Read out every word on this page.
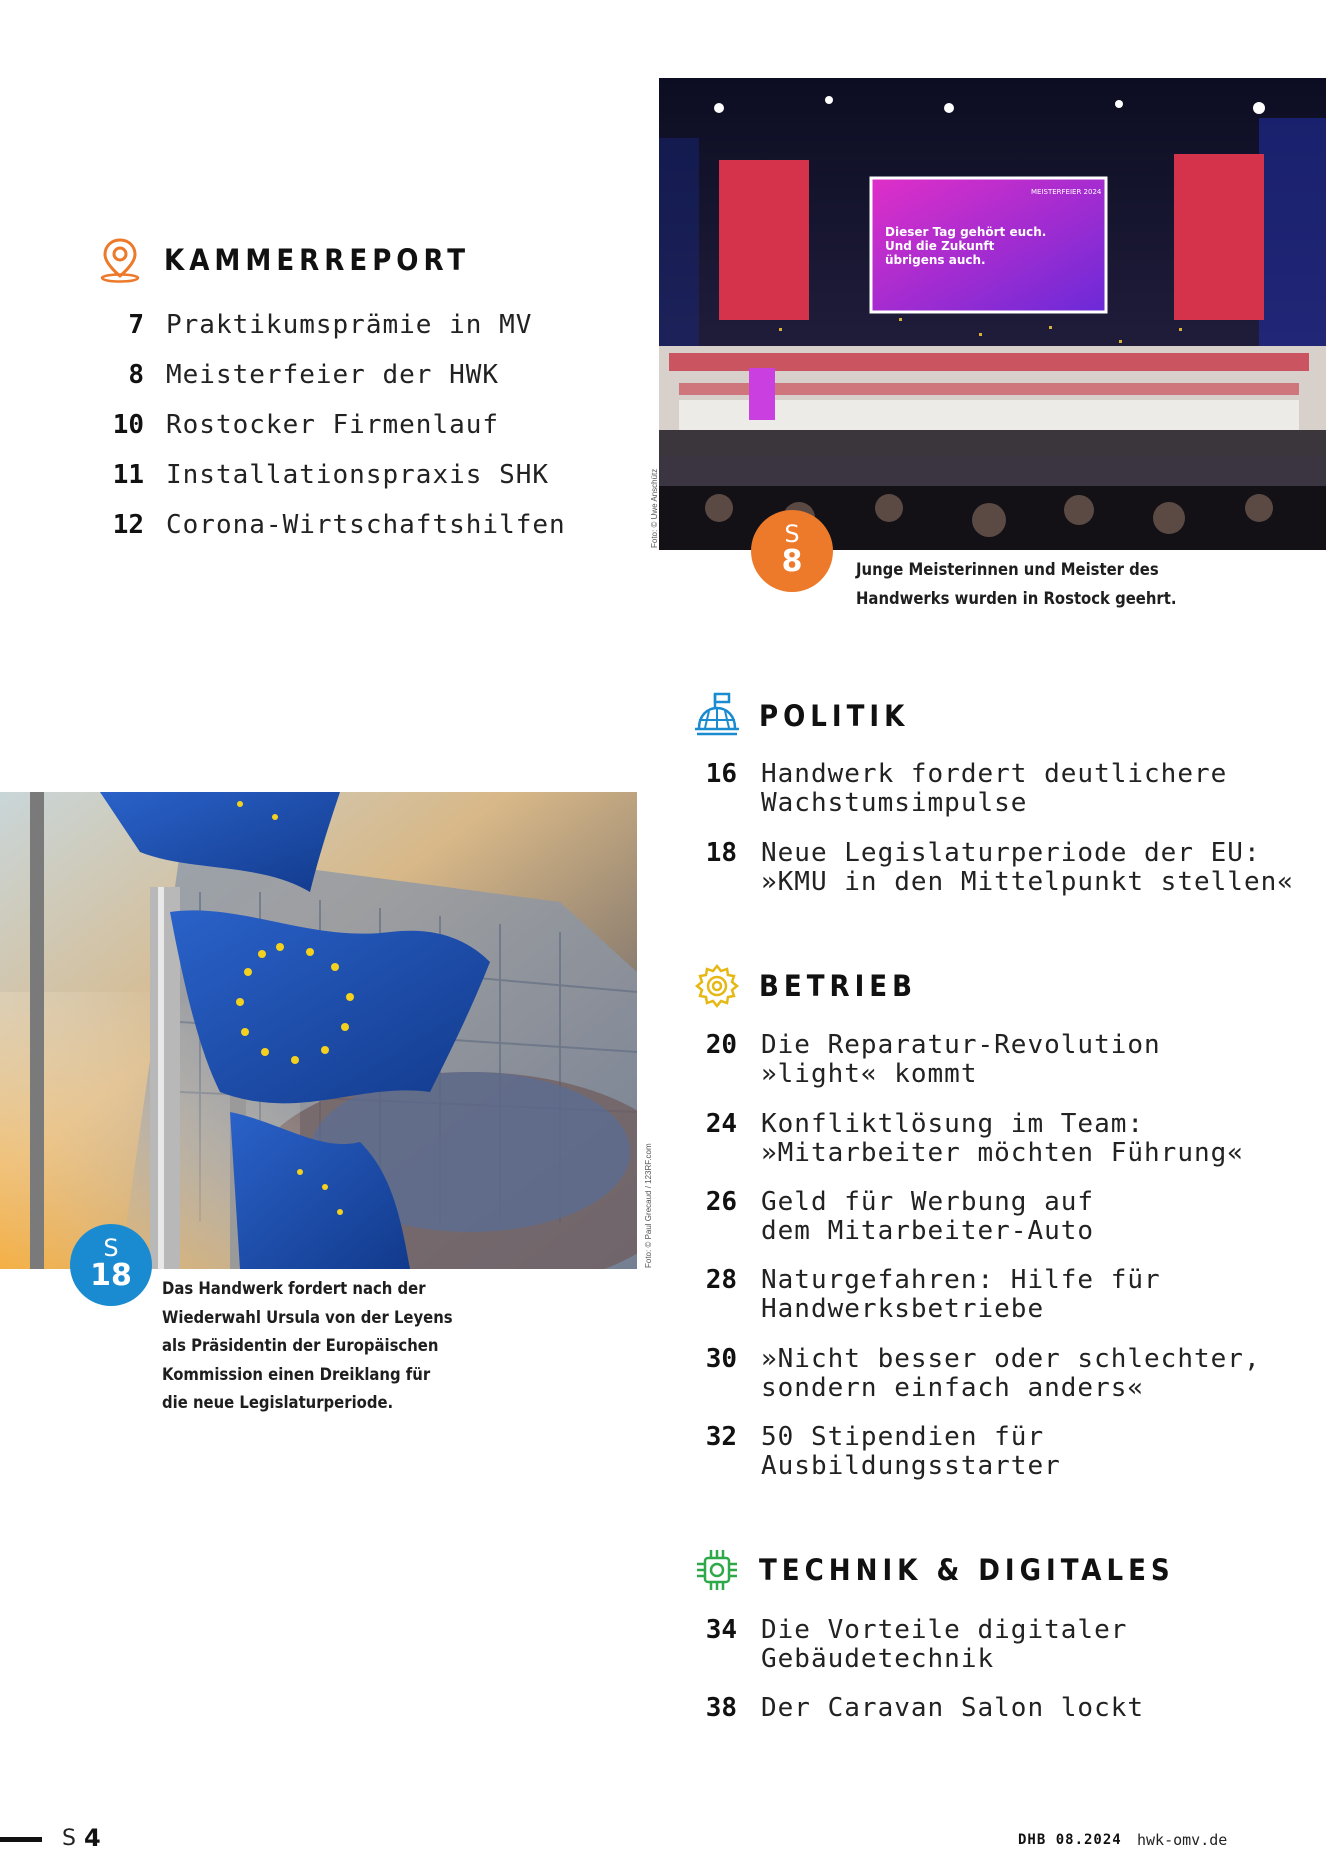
KAMMERREPORT
7 Praktikumsprämie in MV
8 Meisterfeier der HWK
10 Rostocker Firmenlauf
11 Installationspraxis SHK
12 Corona-Wirtschaftshilfen
Dieser Tag gehört euch.
Und die Zukunft
übrigens auch.
MEISTERFEIER 2024
Foto: © Uwe Anschütz	S
8	Junge Meisterinnen und Meister des
Handwerks wurden in Rostock geehrt.
POLITIK
16 Handwerk fordert deutlichere
Wachstumsimpulse
18 Neue Legislaturperiode der EU:
»KMU in den Mittelpunkt stellen«
Foto: © Paul Grecaud / 123RF.com
S
18	Das Handwerk fordert nach der
Wiederwahl Ursula von der Leyens
als Präsidentin der Europäischen
Kommission einen Dreiklang für
die neue Legislaturperiode.
BETRIEB
20 Die Reparatur-Revolution
»light« kommt
24 Konfliktlösung im Team:
»Mitarbeiter möchten Führung«
26 Geld für Werbung auf
dem Mitarbeiter-Auto
28 Naturgefahren: Hilfe für
Handwerksbetriebe
30 »Nicht besser oder schlechter,
sondern einfach anders«
32 50 Stipendien für
Ausbildungsstarter
TECHNIK & DIGITALES
34 Die Vorteile digitaler
Gebäudetechnik
38 Der Caravan Salon lockt
S 4	DHB 08.2024 hwk-omv.de
